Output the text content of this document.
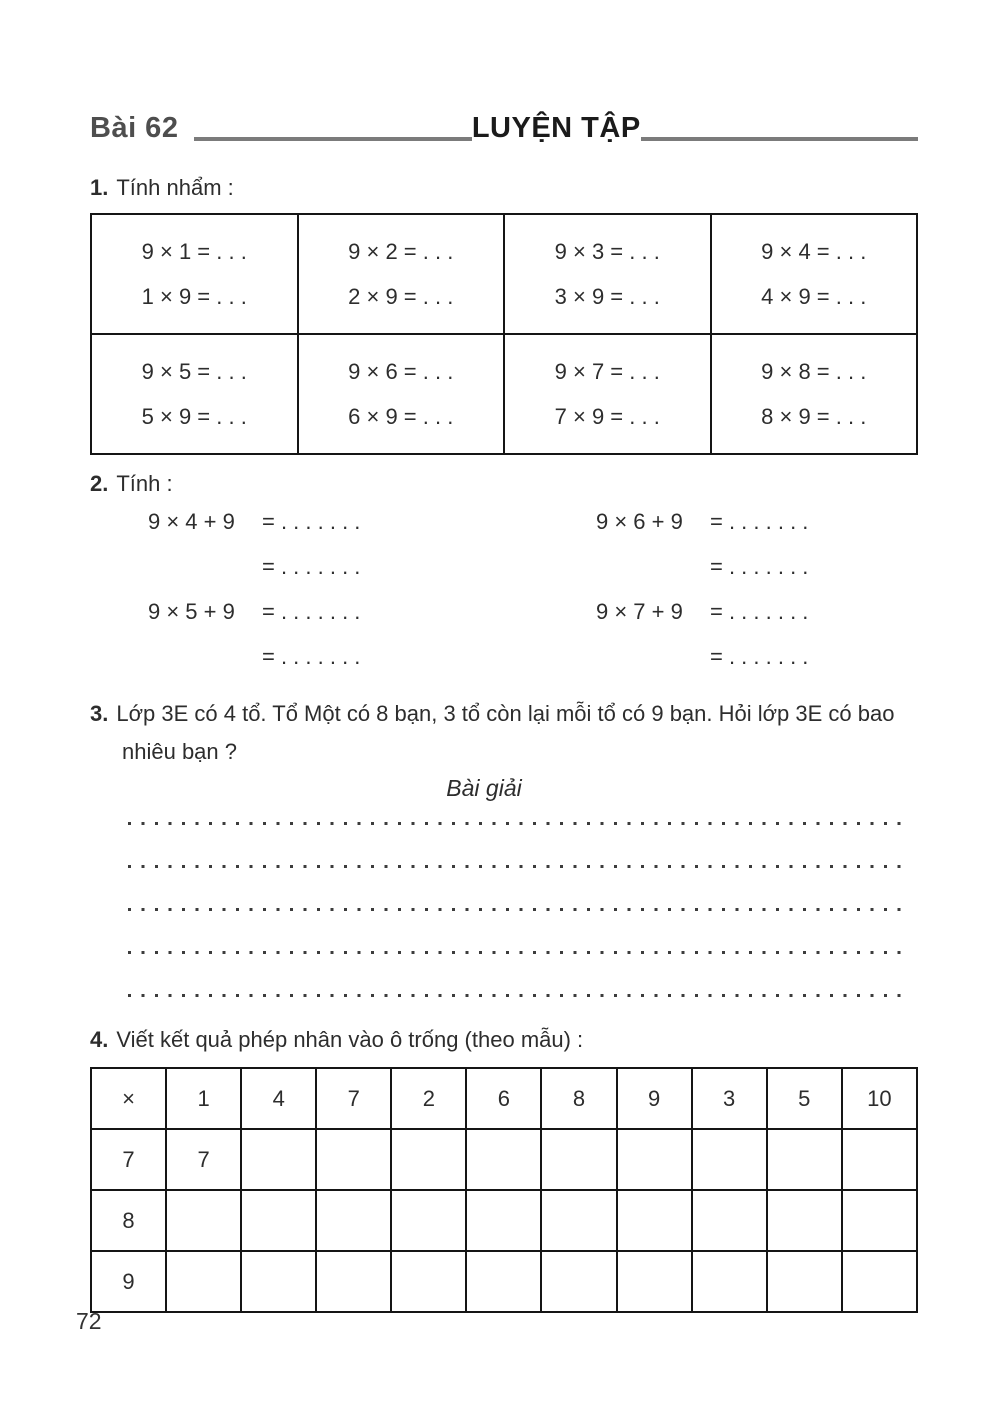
Bài 62	LUYỆN TẬP
1. Tính nhẩm :
9 × 1 = . . .
1 × 9 = . . .

9 × 2 = . . .
2 × 9 = . . .

9 × 3 = . . .
3 × 9 = . . .

9 × 4 = . . .
4 × 9 = . . .

9 × 5 = . . .
5 × 9 = . . .

9 × 6 = . . .
6 × 9 = . . .

9 × 7 = . . .
7 × 9 = . . .

9 × 8 = . . .
8 × 9 = . . .
2. Tính :
9 × 4 + 9	= . . . . . . .
= . . . . . . .
9 × 5 + 9	= . . . . . . .
= . . . . . . .
9 × 6 + 9	= . . . . . . .
= . . . . . . .
9 × 7 + 9	= . . . . . . .
= . . . . . . .
3. Lớp 3E có 4 tổ. Tổ Một có 8 bạn, 3 tổ còn lại mỗi tổ có 9 bạn. Hỏi lớp 3E có bao nhiêu bạn ?
Bài giải
4. Viết kết quả phép nhân vào ô trống (theo mẫu) :
×	1	4	7	2	6	8	9	3	5	10
7	7									
8										
9										
72
